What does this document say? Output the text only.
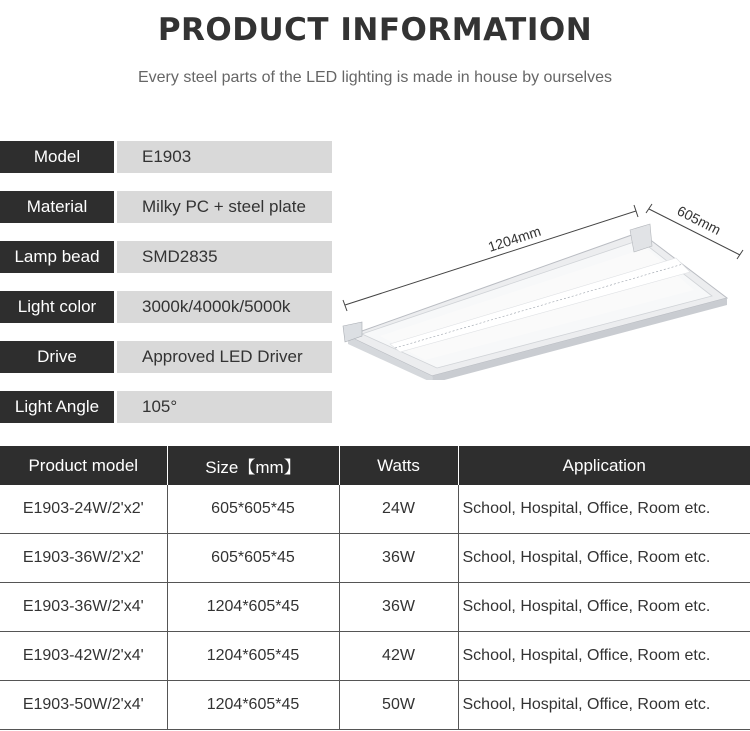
PRODUCT INFORMATION
Every steel parts of the LED lighting is made in house by ourselves
Model	E1903
Material	Milky PC + steel plate
Lamp bead	SMD2835
Light color	3000k/4000k/5000k
Drive	Approved LED Driver
Light Angle	105°
1204mm
605mm
Product model	Size【mm】	Watts	Application
E1903-24W/2'x2'	605*605*45	24W	School, Hospital, Office, Room etc.
E1903-36W/2'x2'	605*605*45	36W	School, Hospital, Office, Room etc.
E1903-36W/2'x4'	1204*605*45	36W	School, Hospital, Office, Room etc.
E1903-42W/2'x4'	1204*605*45	42W	School, Hospital, Office, Room etc.
E1903-50W/2'x4'	1204*605*45	50W	School, Hospital, Office, Room etc.
